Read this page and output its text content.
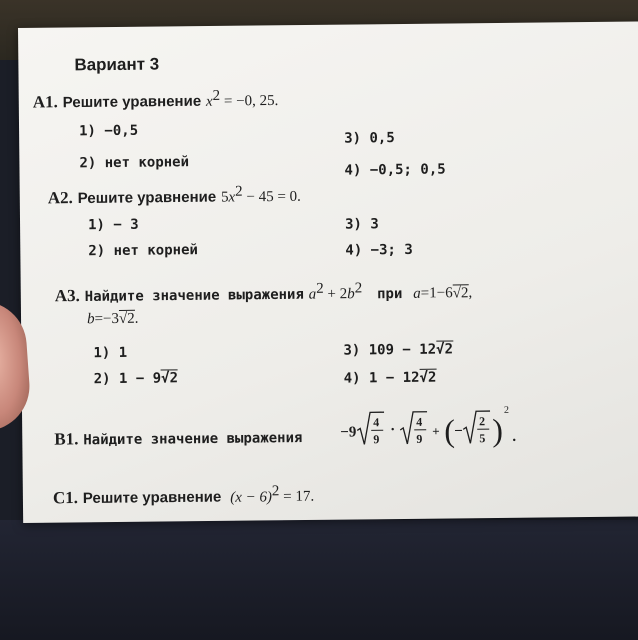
Вариант 3
А1. Решите уравнение $x^2 = -0$, 25.
1) −0,5	3) 0,5
2) нет корней	4) −0,5; 0,5
А2. Решите уравнение $5x^2 - 45 = 0$.
1) − 3	3) 3
2) нет корней	4) −3; 3
А3. Найдите значение выражения $a^2 + 2b^2$ при a=1−6√2,
b=−3√2.
1) 1	3) 109 − 12√2
2) 1 − 9√2	4) 1 − 12√2
В1. Найдите значение выражения	−9
4
9
·
4
9
+ ( −
2
5 )
2
.
С1. Решите уравнение $(x - 6)^2 = 17$.
